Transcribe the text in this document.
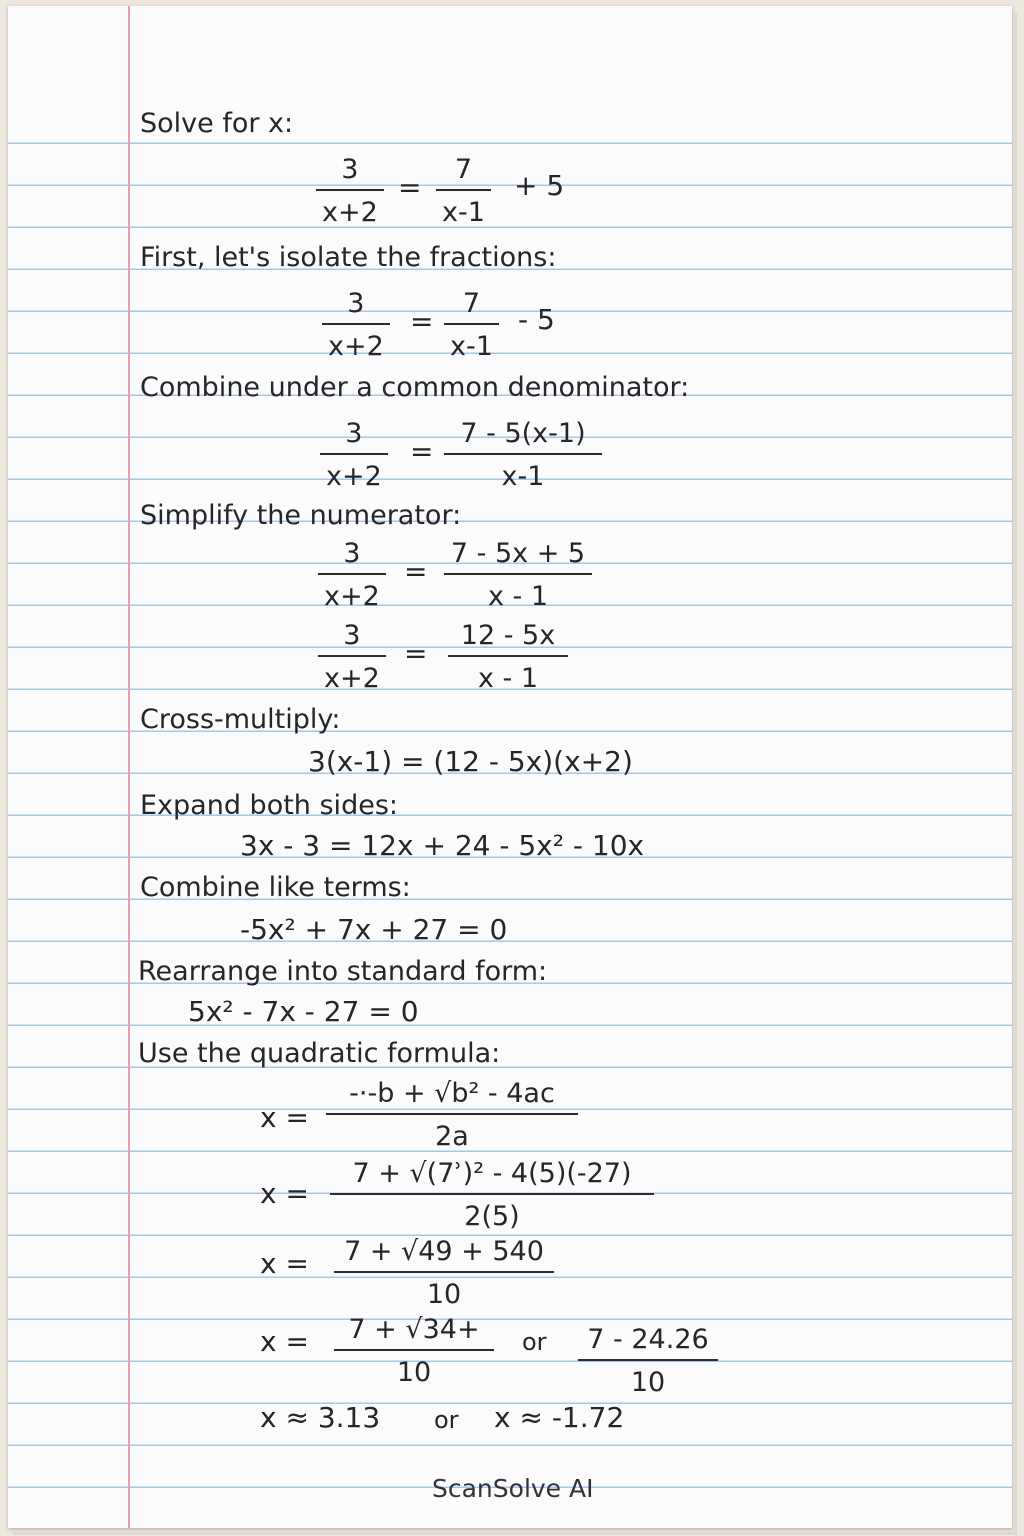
Solve for x:
3
x+2
=
7
x-1
+ 5
First, let's isolate the fractions:
3
x+2
=
7
x-1
- 5
Combine under a common denominator:
3
x+2
=
7 - 5(x-1)
x-1
Simplify the numerator:
3
x+2
=
7 - 5x + 5
x - 1
3
x+2
=
12 - 5x
x - 1
Cross-multiply:
3(x-1) = (12 - 5x)(x+2)
Expand both sides:
3x - 3 = 12x + 24 - 5x² - 10x
Combine like terms:
-5x² + 7x + 27 = 0
Rearrange into standard form:
5x² - 7x - 27 = 0
Use the quadratic formula:
x =
-·-b + √b² - 4ac
2a
x =
7 + √(7ʾ)² - 4(5)(-27)
2(5)
x = 7 + √49 + 540
10
x = 7 + √34+
10
or 7 - 24.26
10
x ≈ 3.13 or x ≈ -1.72
ScanSolve AI
